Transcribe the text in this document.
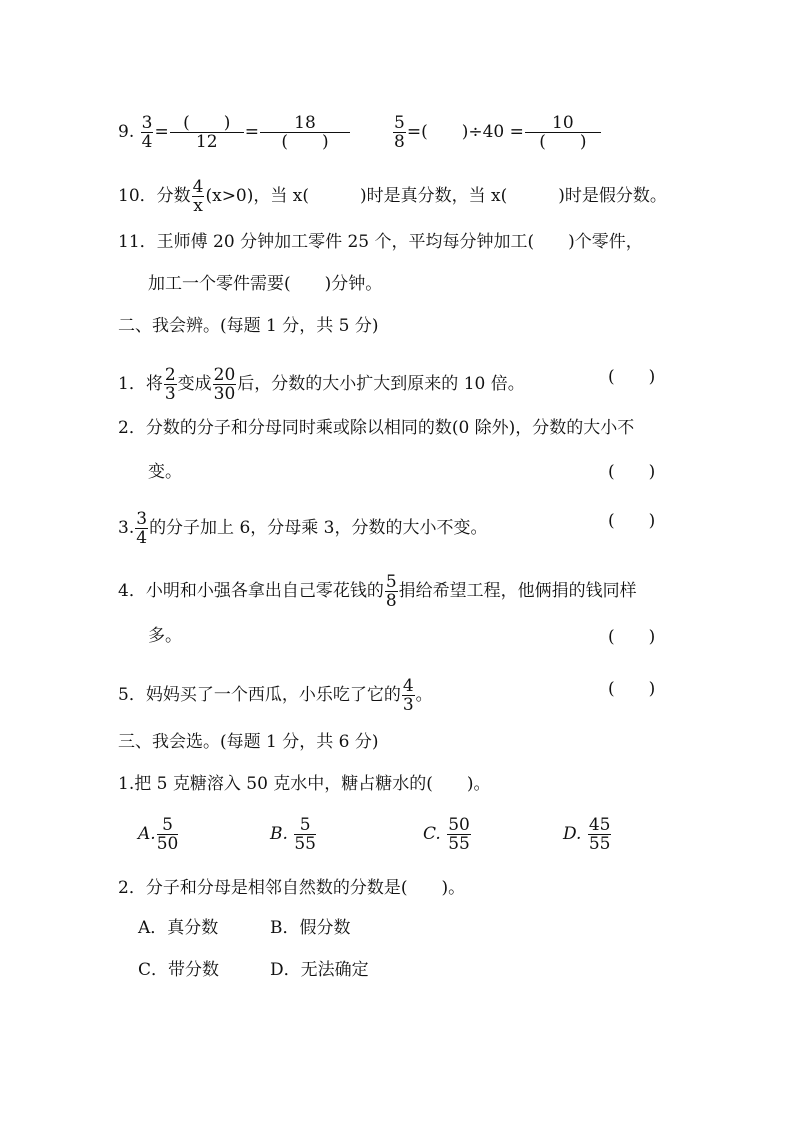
9. $\frac{3}{4}$ = (　　)
12	=	18
(　　)	$\frac{5}{8}$ =(　　)÷40 =	10
(　　)
10．分数 $\frac{4}{x} (x>0)$，当 x(　　　)时是真分数，当 x(　　　)时是假分数。
11．王师傅 20 分钟加工零件 25 个，平均每分钟加工(　　)个零件，
加工一个零件需要(　　)分钟。
二、我会辨。(每题 1 分，共 5 分)
1．将 $\frac{2}{3}$ 变成 $\frac{20}{30}$ 后，分数的大小扩大到原来的 10 倍。	(　　)
2．分数的分子和分母同时乘或除以相同的数(0 除外)，分数的大小不
变。	(　　)
3. $\frac{3}{4}$ 的分子加上 6，分母乘 3，分数的大小不变。	(　　)
4．小明和小强各拿出自己零花钱的 $\frac{5}{8}$ 捐给希望工程，他俩捐的钱同样
多。	(　　)
5．妈妈买了一个西瓜，小乐吃了它的 $\frac{4}{3}$ 。	(　　)
三、我会选。(每题 1 分，共 6 分)
1.把 5 克糖溶入 50 克水中，糖占糖水的(　　)。
A. $\frac{5}{50}$	B. $\frac{5}{55}$	C. $\frac{50}{55}$	D. $\frac{45}{55}$
2．分子和分母是相邻自然数的分数是(　　)。
A．真分数	B．假分数
C．带分数	D．无法确定
